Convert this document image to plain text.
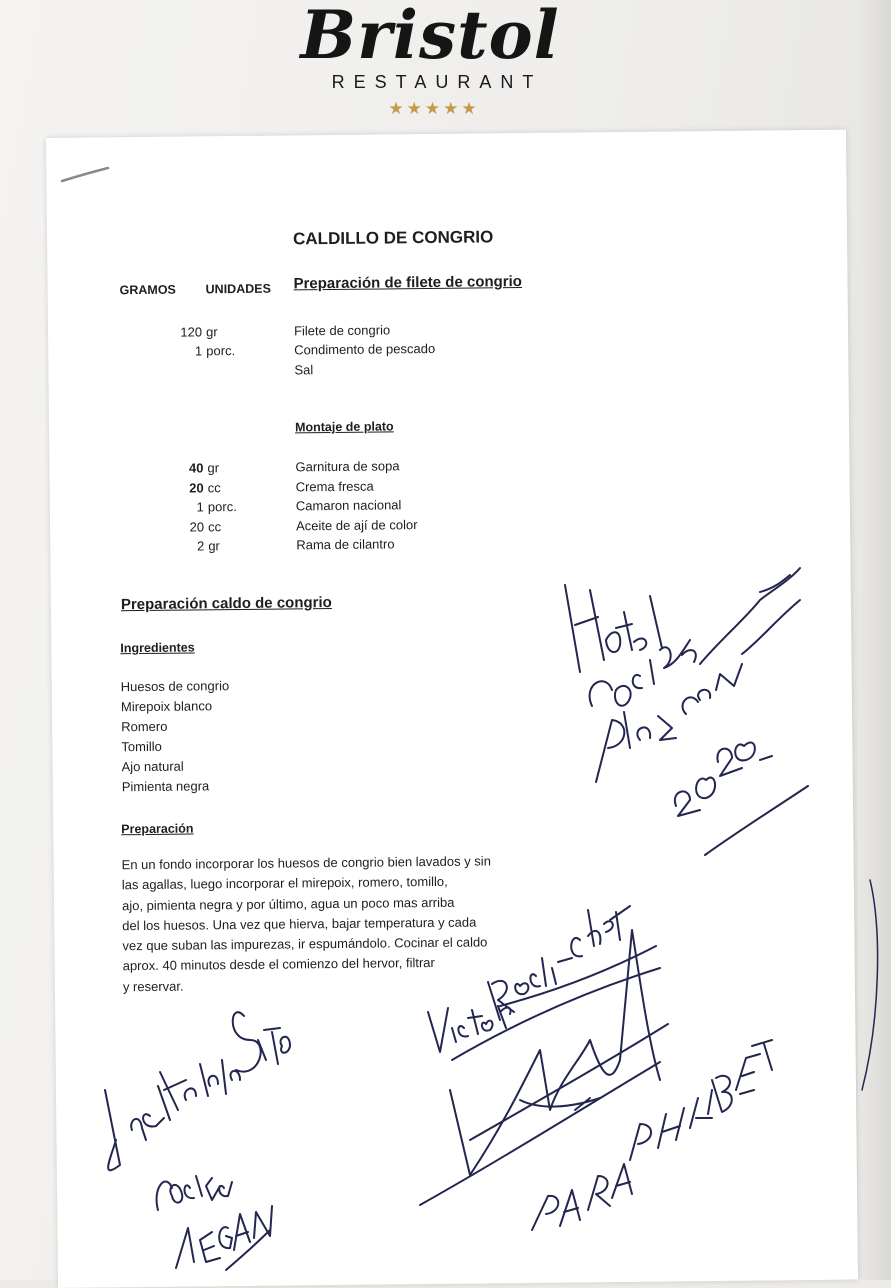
Bristol
RESTAURANT
★★★★★
CALDILLO DE CONGRIO
GRAMOS UNIDADES Preparación de filete de congrio
120 gr	Filete de congrio
1 porc.	Condimento de pescado
Sal
Montaje de plato
40 gr	Garnitura de sopa
20 cc	Crema fresca
1 porc.	Camaron nacional
20 cc	Aceite de ají de color
2 gr	Rama de cilantro
Preparación caldo de congrio
Ingredientes
Huesos de congrio
Mirepoix blanco
Romero
Tomillo
Ajo natural
Pimienta negra
Preparación
En un fondo incorporar los huesos de congrio bien lavados y sin
las agallas, luego incorporar el mirepoix, romero, tomillo,
ajo, pimienta negra y por último, agua un poco mas arriba
del los huesos. Una vez que hierva, bajar temperatura y cada
vez que suban las impurezas, ir espumándolo. Cocinar el caldo
aprox. 40 minutos desde el comienzo del hervor, filtrar
y reservar.
